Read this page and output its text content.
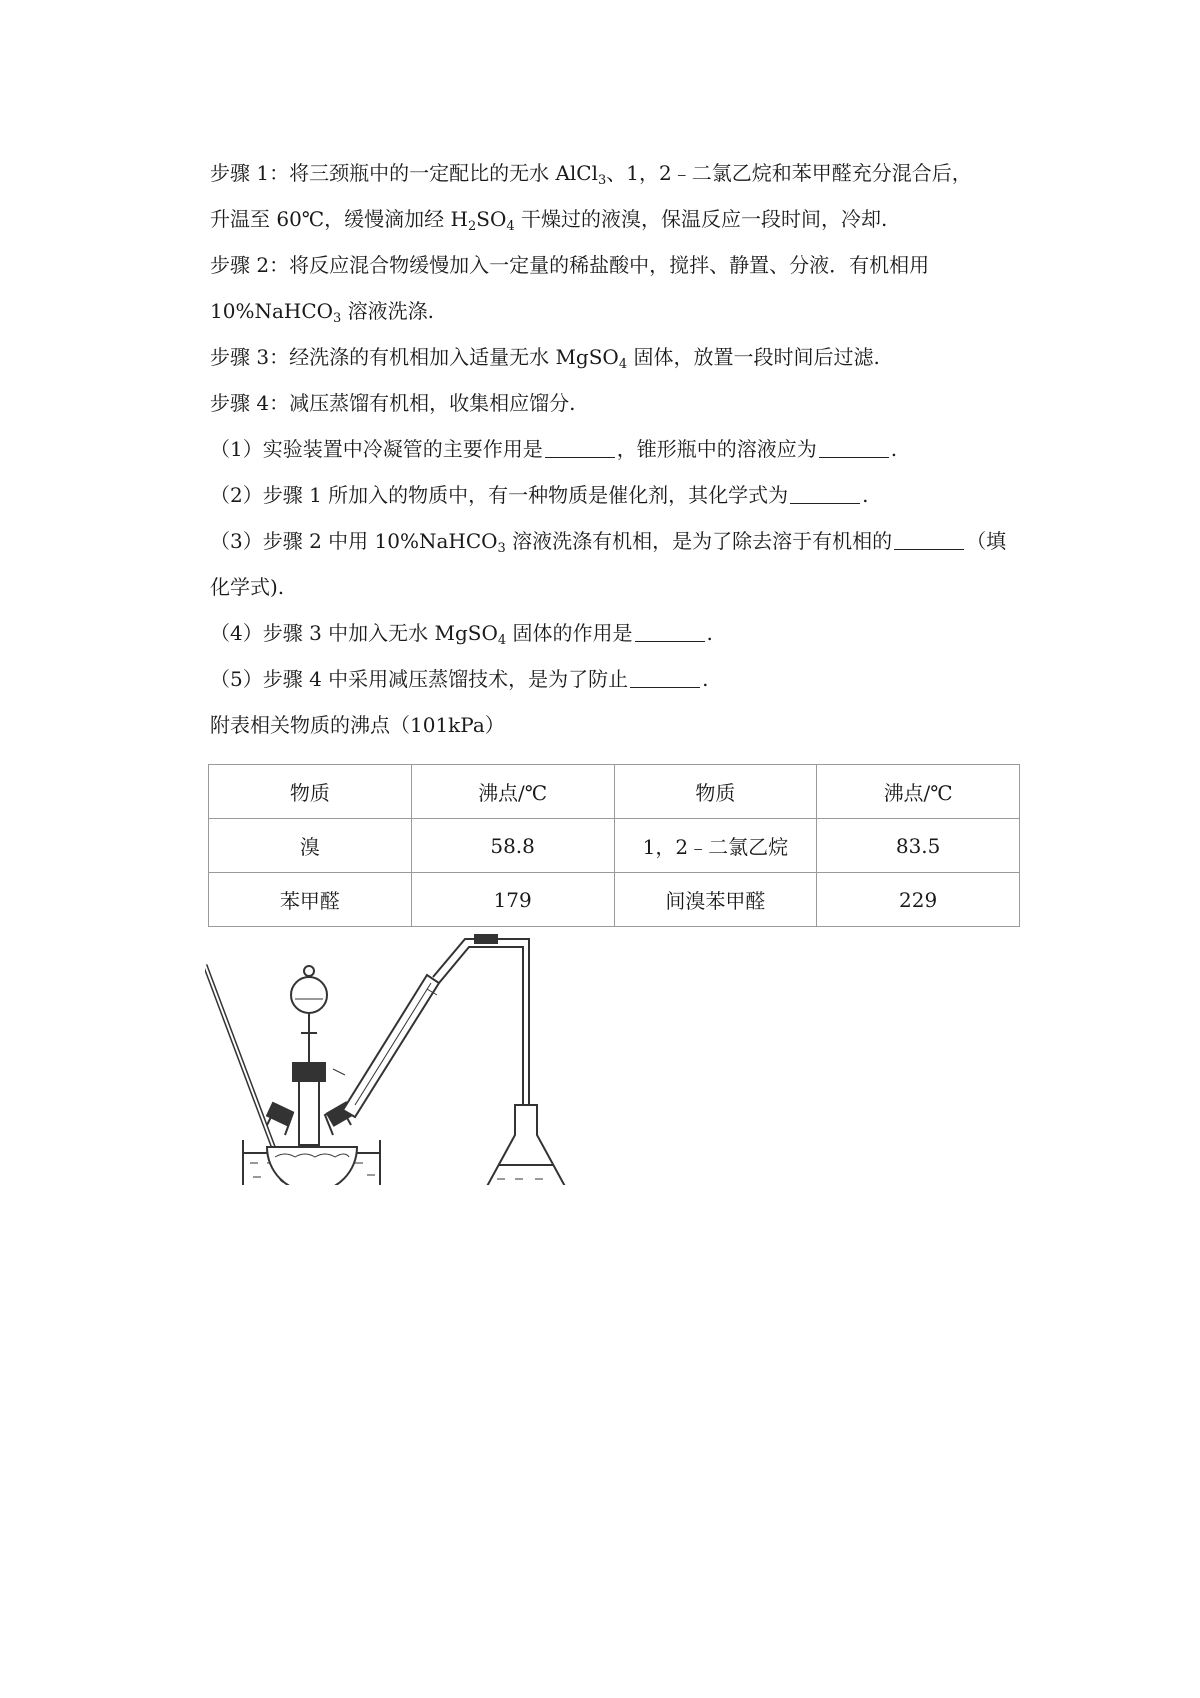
步骤 1：将三颈瓶中的一定配比的无水 AlCl$_3$、1，2﹣二氯乙烷和苯甲醛充分混合后，

升温至 60℃，缓慢滴加经 $H_2SO_4$ 干燥过的液溴，保温反应一段时间，冷却.

步骤 2：将反应混合物缓慢加入一定量的稀盐酸中，搅拌、静置、分液．有机相用

10%NaHCO$_3$ 溶液洗涤.

步骤 3：经洗涤的有机相加入适量无水 MgSO$_4$ 固体，放置一段时间后过滤.

步骤 4：减压蒸馏有机相，收集相应馏分.

（1）实验装置中冷凝管的主要作用是	，锥形瓶中的溶液应为	.

（2）步骤 1 所加入的物质中，有一种物质是催化剂，其化学式为	.

（3）步骤 2 中用 10%NaHCO$_3$ 溶液洗涤有机相，是为了除去溶于有机相的	（填

化学式).

（4）步骤 3 中加入无水 MgSO$_4$ 固体的作用是	.

（5）步骤 4 中采用减压蒸馏技术，是为了防止	.

附表相关物质的沸点（101kPa）

物质	沸点/℃	物质	沸点/℃
溴	58.8	1，2﹣二氯乙烷	83.5
苯甲醛	179	间溴苯甲醛	229
